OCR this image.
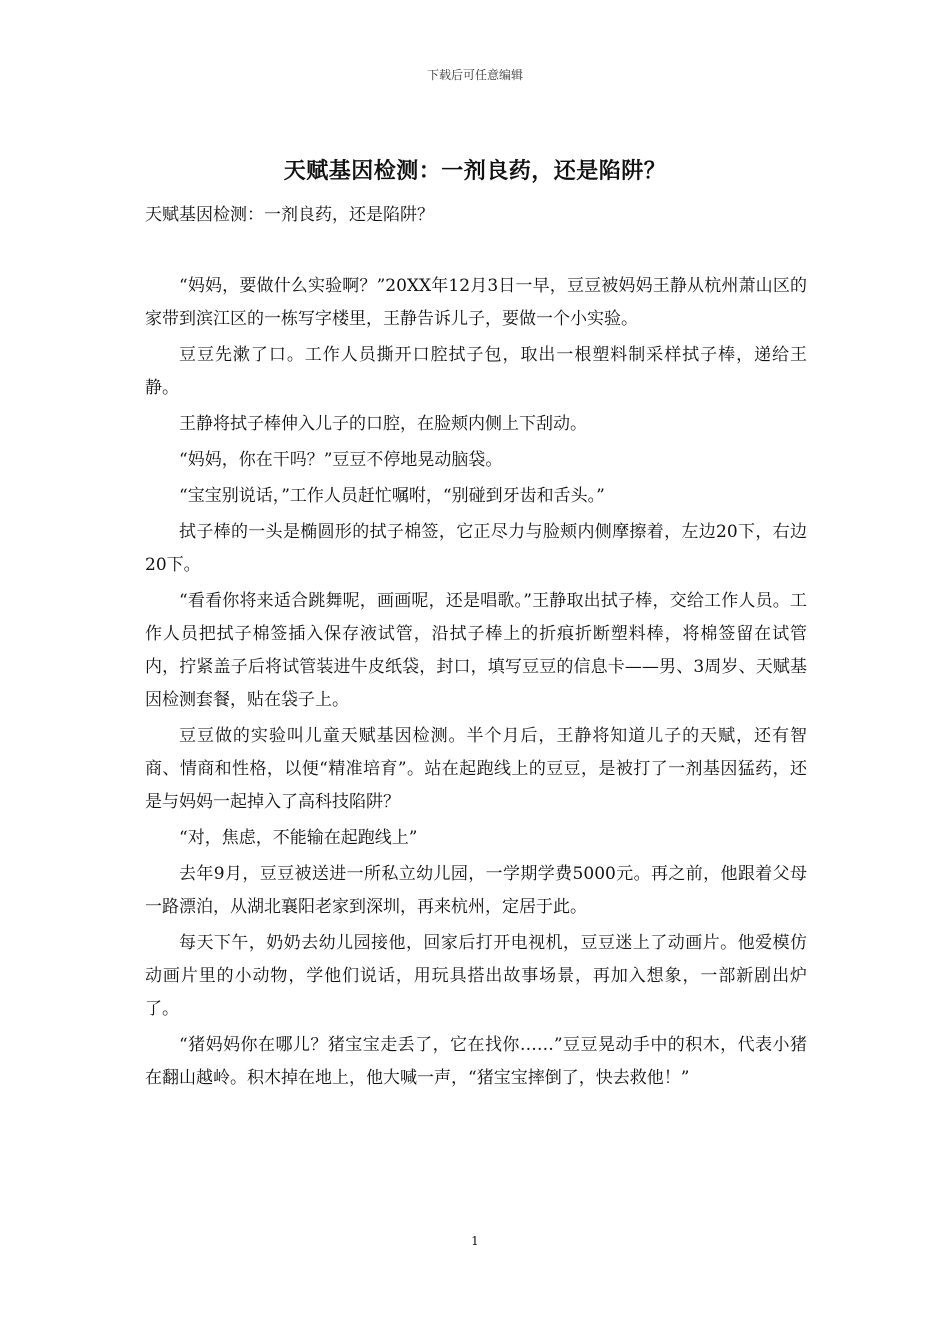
下载后可任意编辑
天赋基因检测：一剂良药，还是陷阱？

天赋基因检测：一剂良药，还是陷阱？

“妈妈，要做什么实验啊？”20XX年12月3日一早，豆豆被妈妈王静从杭州萧山区的家带到滨江区的一栋写字楼里，王静告诉儿子，要做一个小实验。

豆豆先漱了口。工作人员撕开口腔拭子包，取出一根塑料制采样拭子棒，递给王静。

王静将拭子棒伸入儿子的口腔，在脸颊内侧上下刮动。

“妈妈，你在干吗？”豆豆不停地晃动脑袋。

“宝宝别说话，”工作人员赶忙嘱咐，“别碰到牙齿和舌头。”

拭子棒的一头是椭圆形的拭子棉签，它正尽力与脸颊内侧摩擦着，左边20下，右边20下。

“看看你将来适合跳舞呢，画画呢，还是唱歌。”王静取出拭子棒，交给工作人员。工作人员把拭子棉签插入保存液试管，沿拭子棒上的折痕折断塑料棒，将棉签留在试管内，拧紧盖子后将试管装进牛皮纸袋，封口，填写豆豆的信息卡——男、3周岁、天赋基因检测套餐，贴在袋子上。

豆豆做的实验叫儿童天赋基因检测。半个月后，王静将知道儿子的天赋，还有智商、情商和性格，以便“精准培育”。站在起跑线上的豆豆，是被打了一剂基因猛药，还是与妈妈一起掉入了高科技陷阱？

“对，焦虑，不能输在起跑线上”

去年9月，豆豆被送进一所私立幼儿园，一学期学费5000元。再之前，他跟着父母一路漂泊，从湖北襄阳老家到深圳，再来杭州，定居于此。

每天下午，奶奶去幼儿园接他，回家后打开电视机，豆豆迷上了动画片。他爱模仿动画片里的小动物，学他们说话，用玩具搭出故事场景，再加入想象，一部新剧出炉了。

“猪妈妈你在哪儿？猪宝宝走丢了，它在找你……”豆豆晃动手中的积木，代表小猪在翻山越岭。积木掉在地上，他大喊一声，“猪宝宝摔倒了，快去救他！”

1
